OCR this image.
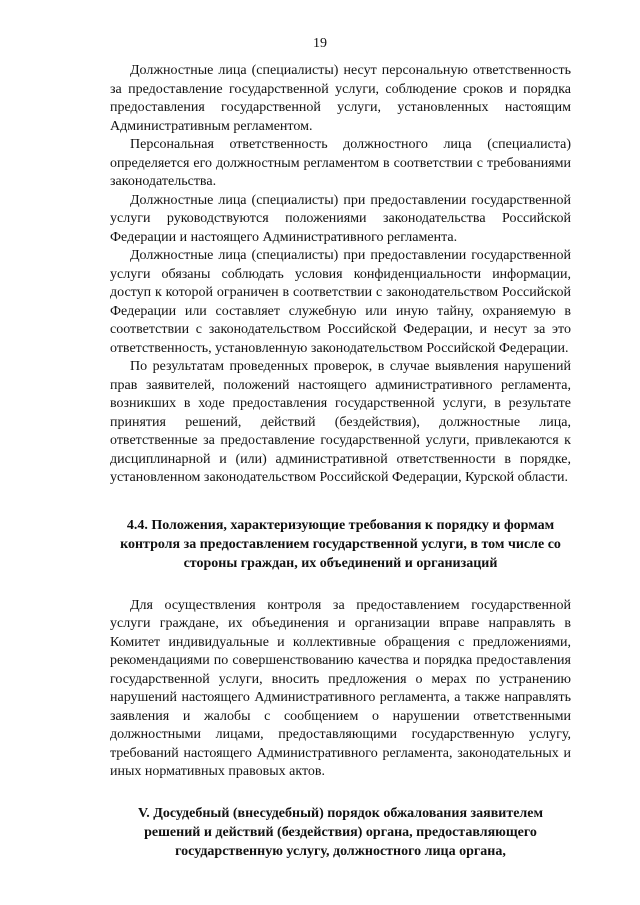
19

Должностные лица (специалисты) несут персональную ответственность за предоставление государственной услуги, соблюдение сроков и порядка предоставления государственной услуги, установленных настоящим Административным регламентом.

Персональная ответственность должностного лица (специалиста) определяется его должностным регламентом в соответствии с требованиями законодательства.

Должностные лица (специалисты) при предоставлении государственной услуги руководствуются положениями законодательства Российской Федерации и настоящего Административного регламента.

Должностные лица (специалисты) при предоставлении государственной услуги обязаны соблюдать условия конфиденциальности информации, доступ к которой ограничен в соответствии с законодательством Российской Федерации или составляет служебную или иную тайну, охраняемую в соответствии с законодательством Российской Федерации, и несут за это ответственность, установленную законодательством Российской Федерации.

По результатам проведенных проверок, в случае выявления нарушений прав заявителей, положений настоящего административного регламента, возникших в ходе предоставления государственной услуги, в результате принятия решений, действий (бездействия), должностные лица, ответственные за предоставление государственной услуги, привлекаются к дисциплинарной и (или) административной ответственности в порядке, установленном законодательством Российской Федерации, Курской области.

4.4. Положения, характеризующие требования к порядку и формам контроля за предоставлением государственной услуги, в том числе со стороны граждан, их объединений и организаций

Для осуществления контроля за предоставлением государственной услуги граждане, их объединения и организации вправе направлять в Комитет индивидуальные и коллективные обращения с предложениями, рекомендациями по совершенствованию качества и порядка предоставления государственной услуги, вносить предложения о мерах по устранению нарушений настоящего Административного регламента, а также направлять заявления и жалобы с сообщением о нарушении ответственными должностными лицами, предоставляющими государственную услугу, требований настоящего Административного регламента, законодательных и иных нормативных правовых актов.

V. Досудебный (внесудебный) порядок обжалования заявителем решений и действий (бездействия) органа, предоставляющего государственную услугу, должностного лица органа,
